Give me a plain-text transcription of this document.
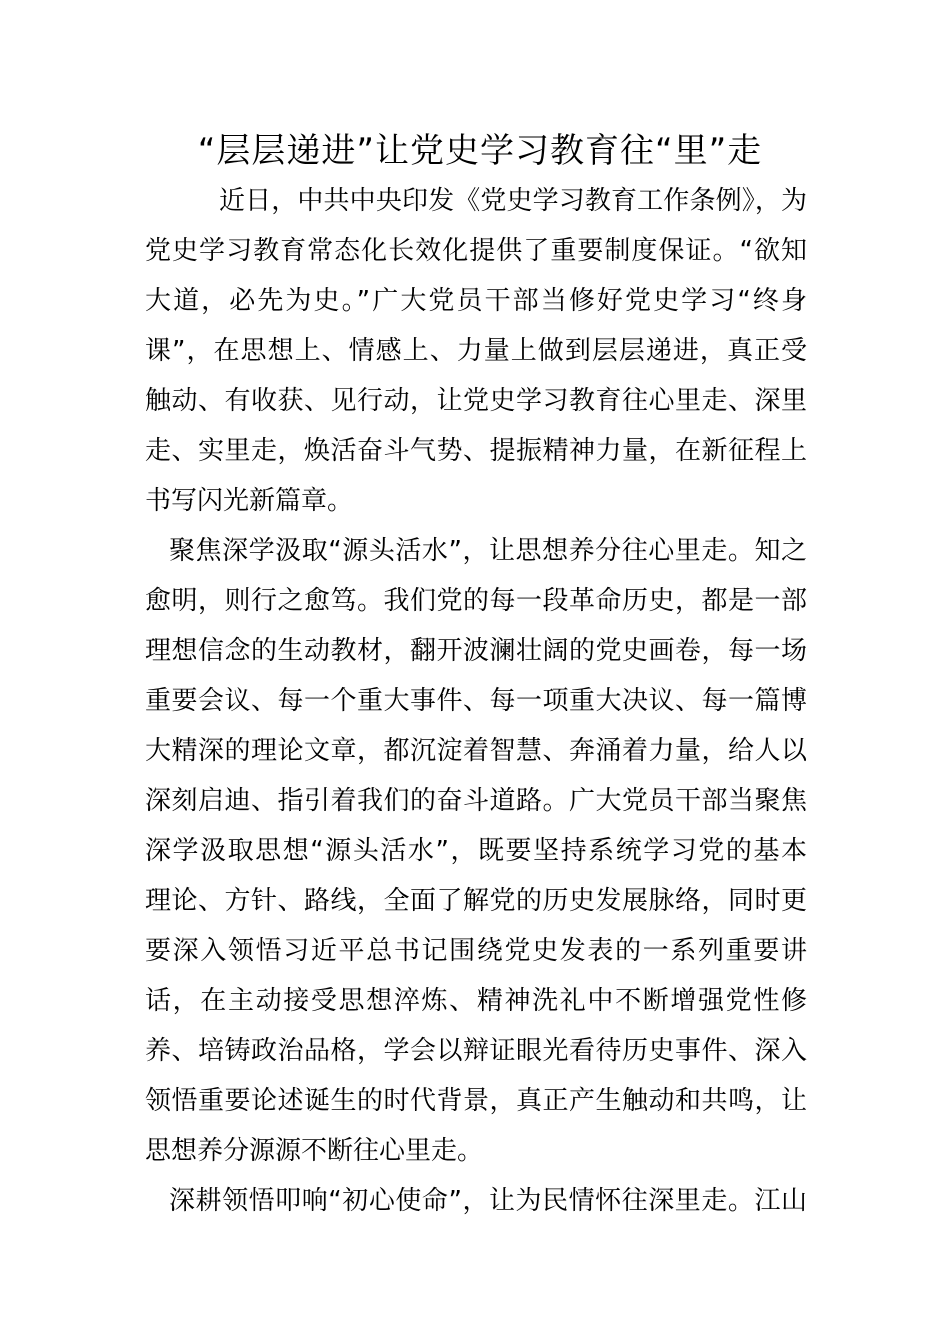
“层层递进”让党史学习教育往“里”走
近日，中共中央印发《党史学习教育工作条例》，为
党史学习教育常态化长效化提供了重要制度保证。“欲知
大道，必先为史。”广大党员干部当修好党史学习“终身
课”，在思想上、情感上、力量上做到层层递进，真正受
触动、有收获、见行动，让党史学习教育往心里走、深里
走、实里走，焕活奋斗气势、提振精神力量，在新征程上
书写闪光新篇章。
聚焦深学汲取“源头活水”，让思想养分往心里走。知之
愈明，则行之愈笃。我们党的每一段革命历史，都是一部
理想信念的生动教材，翻开波澜壮阔的党史画卷，每一场
重要会议、每一个重大事件、每一项重大决议、每一篇博
大精深的理论文章，都沉淀着智慧、奔涌着力量，给人以
深刻启迪、指引着我们的奋斗道路。广大党员干部当聚焦
深学汲取思想“源头活水”，既要坚持系统学习党的基本
理论、方针、路线，全面了解党的历史发展脉络，同时更
要深入领悟习近平总书记围绕党史发表的一系列重要讲
话，在主动接受思想淬炼、精神洗礼中不断增强党性修
养、培铸政治品格，学会以辩证眼光看待历史事件、深入
领悟重要论述诞生的时代背景，真正产生触动和共鸣，让
思想养分源源不断往心里走。
深耕领悟叩响“初心使命”，让为民情怀往深里走。江山
